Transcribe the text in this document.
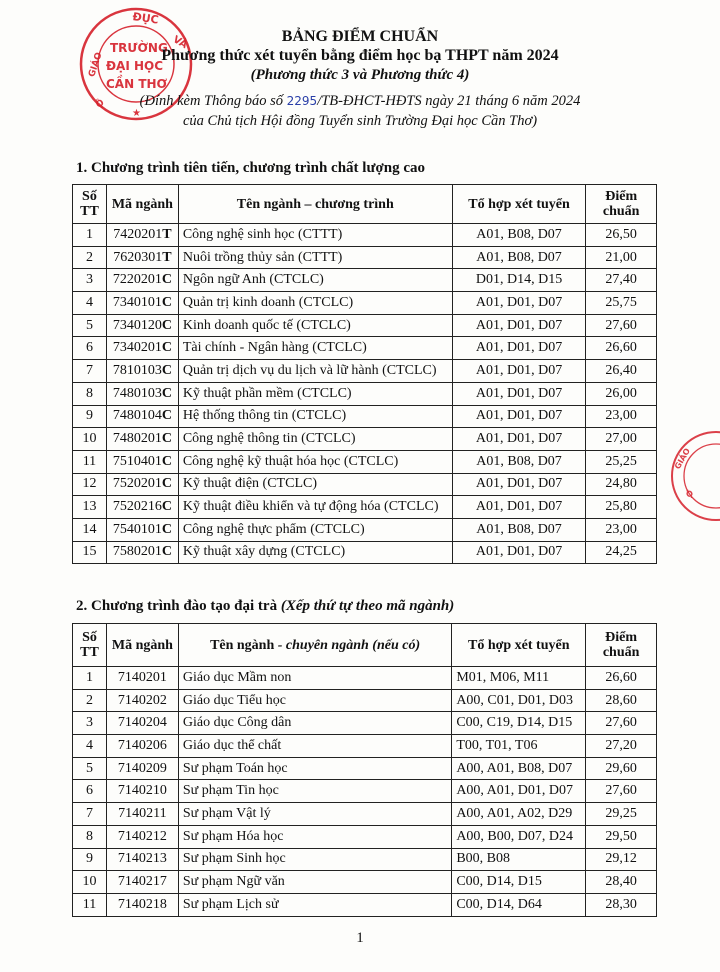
ĐỤC
VÀ
TRƯỜNG
ĐẠI HỌC
CẦN THƠ
GIÁO
Ộ
★
GIÁO
Ộ
BẢNG ĐIỂM CHUẨN
Phương thức xét tuyển bằng điểm học bạ THPT năm 2024
(Phương thức 3 và Phương thức 4)
(Đính kèm Thông báo số 2295/TB-ĐHCT-HĐTS ngày 21 tháng 6 năm 2024
của Chủ tịch Hội đồng Tuyển sinh Trường Đại học Cần Thơ)
1. Chương trình tiên tiến, chương trình chất lượng cao
Số TT	Mã ngành	Tên ngành – chương trình	Tổ hợp xét tuyển	Điểm chuẩn
1	7420201T	Công nghệ sinh học (CTTT)	A01, B08, D07	26,50
2	7620301T	Nuôi trồng thủy sản (CTTT)	A01, B08, D07	21,00
3	7220201C	Ngôn ngữ Anh (CTCLC)	D01, D14, D15	27,40
4	7340101C	Quản trị kinh doanh (CTCLC)	A01, D01, D07	25,75
5	7340120C	Kinh doanh quốc tế (CTCLC)	A01, D01, D07	27,60
6	7340201C	Tài chính - Ngân hàng (CTCLC)	A01, D01, D07	26,60
7	7810103C	Quản trị dịch vụ du lịch và lữ hành (CTCLC)	A01, D01, D07	26,40
8	7480103C	Kỹ thuật phần mềm (CTCLC)	A01, D01, D07	26,00
9	7480104C	Hệ thống thông tin (CTCLC)	A01, D01, D07	23,00
10	7480201C	Công nghệ thông tin (CTCLC)	A01, D01, D07	27,00
11	7510401C	Công nghệ kỹ thuật hóa học (CTCLC)	A01, B08, D07	25,25
12	7520201C	Kỹ thuật điện (CTCLC)	A01, D01, D07	24,80
13	7520216C	Kỹ thuật điều khiển và tự động hóa (CTCLC)	A01, D01, D07	25,80
14	7540101C	Công nghệ thực phẩm (CTCLC)	A01, B08, D07	23,00
15	7580201C	Kỹ thuật xây dựng (CTCLC)	A01, D01, D07	24,25
2. Chương trình đào tạo đại trà (Xếp thứ tự theo mã ngành)
Số TT	Mã ngành	Tên ngành - chuyên ngành (nếu có)	Tổ hợp xét tuyển	Điểm chuẩn
1	7140201	Giáo dục Mầm non	M01, M06, M11	26,60
2	7140202	Giáo dục Tiểu học	A00, C01, D01, D03	28,60
3	7140204	Giáo dục Công dân	C00, C19, D14, D15	27,60
4	7140206	Giáo dục thể chất	T00, T01, T06	27,20
5	7140209	Sư phạm Toán học	A00, A01, B08, D07	29,60
6	7140210	Sư phạm Tin học	A00, A01, D01, D07	27,60
7	7140211	Sư phạm Vật lý	A00, A01, A02, D29	29,25
8	7140212	Sư phạm Hóa học	A00, B00, D07, D24	29,50
9	7140213	Sư phạm Sinh học	B00, B08	29,12
10	7140217	Sư phạm Ngữ văn	C00, D14, D15	28,40
11	7140218	Sư phạm Lịch sử	C00, D14, D64	28,30
1
